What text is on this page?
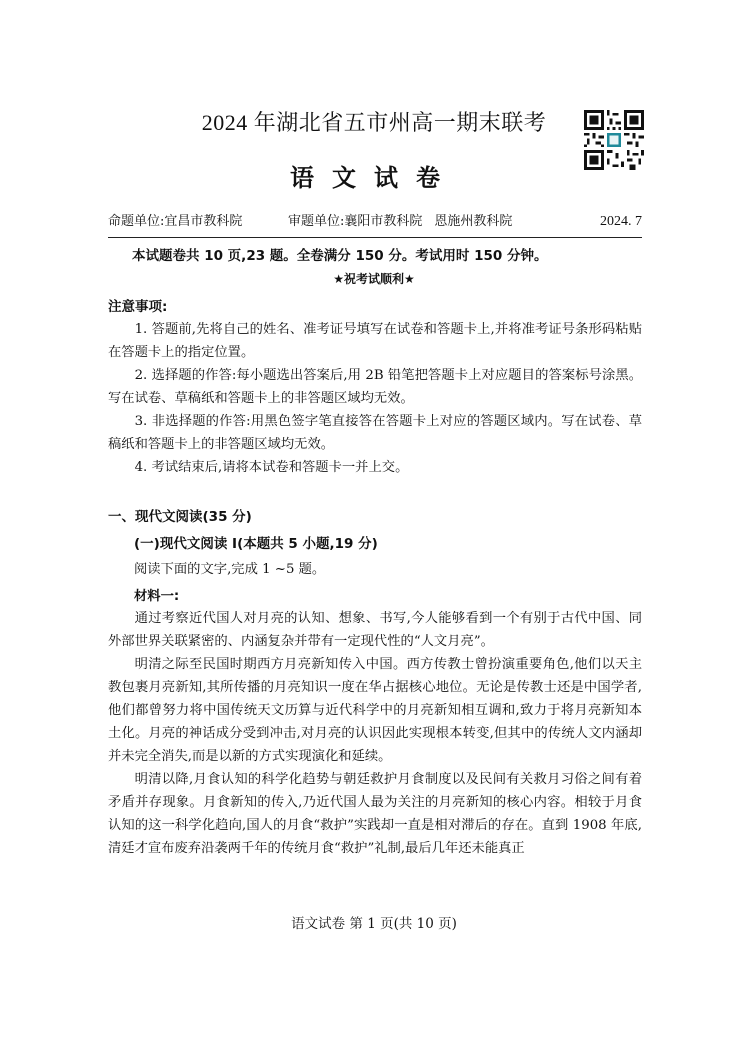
2024 年湖北省五市州高一期末联考
语文试卷
命题单位:宜昌市教科院	审题单位:襄阳市教科院 恩施州教科院	2024. 7
本试题卷共 10 页,23 题。全卷满分 150 分。考试用时 150 分钟。
★祝考试顺利★
注意事项:

1. 答题前,先将自己的姓名、准考证号填写在试卷和答题卡上,并将准考证号条形码粘贴在答题卡上的指定位置。

2. 选择题的作答:每小题选出答案后,用 2B 铅笔把答题卡上对应题目的答案标号涂黑。写在试卷、草稿纸和答题卡上的非答题区域均无效。

3. 非选择题的作答:用黑色签字笔直接答在答题卡上对应的答题区域内。写在试卷、草稿纸和答题卡上的非答题区域均无效。

4. 考试结束后,请将本试卷和答题卡一并上交。

一、现代文阅读(35 分)
(一)现代文阅读 I(本题共 5 小题,19 分)
阅读下面的文字,完成 1 ~5 题。
材料一:

通过考察近代国人对月亮的认知、想象、书写,今人能够看到一个有别于古代中国、同外部世界关联紧密的、内涵复杂并带有一定现代性的“人文月亮”。

明清之际至民国时期西方月亮新知传入中国。西方传教士曾扮演重要角色,他们以天主教包裹月亮新知,其所传播的月亮知识一度在华占据核心地位。无论是传教士还是中国学者,他们都曾努力将中国传统天文历算与近代科学中的月亮新知相互调和,致力于将月亮新知本土化。月亮的神话成分受到冲击,对月亮的认识因此实现根本转变,但其中的传统人文内涵却并未完全消失,而是以新的方式实现演化和延续。

明清以降,月食认知的科学化趋势与朝廷救护月食制度以及民间有关救月习俗之间有着矛盾并存现象。月食新知的传入,乃近代国人最为关注的月亮新知的核心内容。相较于月食认知的这一科学化趋向,国人的月食“救护”实践却一直是相对滞后的存在。直到 1908 年底,清廷才宣布废弃沿袭两千年的传统月食“救护”礼制,最后几年还未能真正

语文试卷 第 1 页(共 10 页)
